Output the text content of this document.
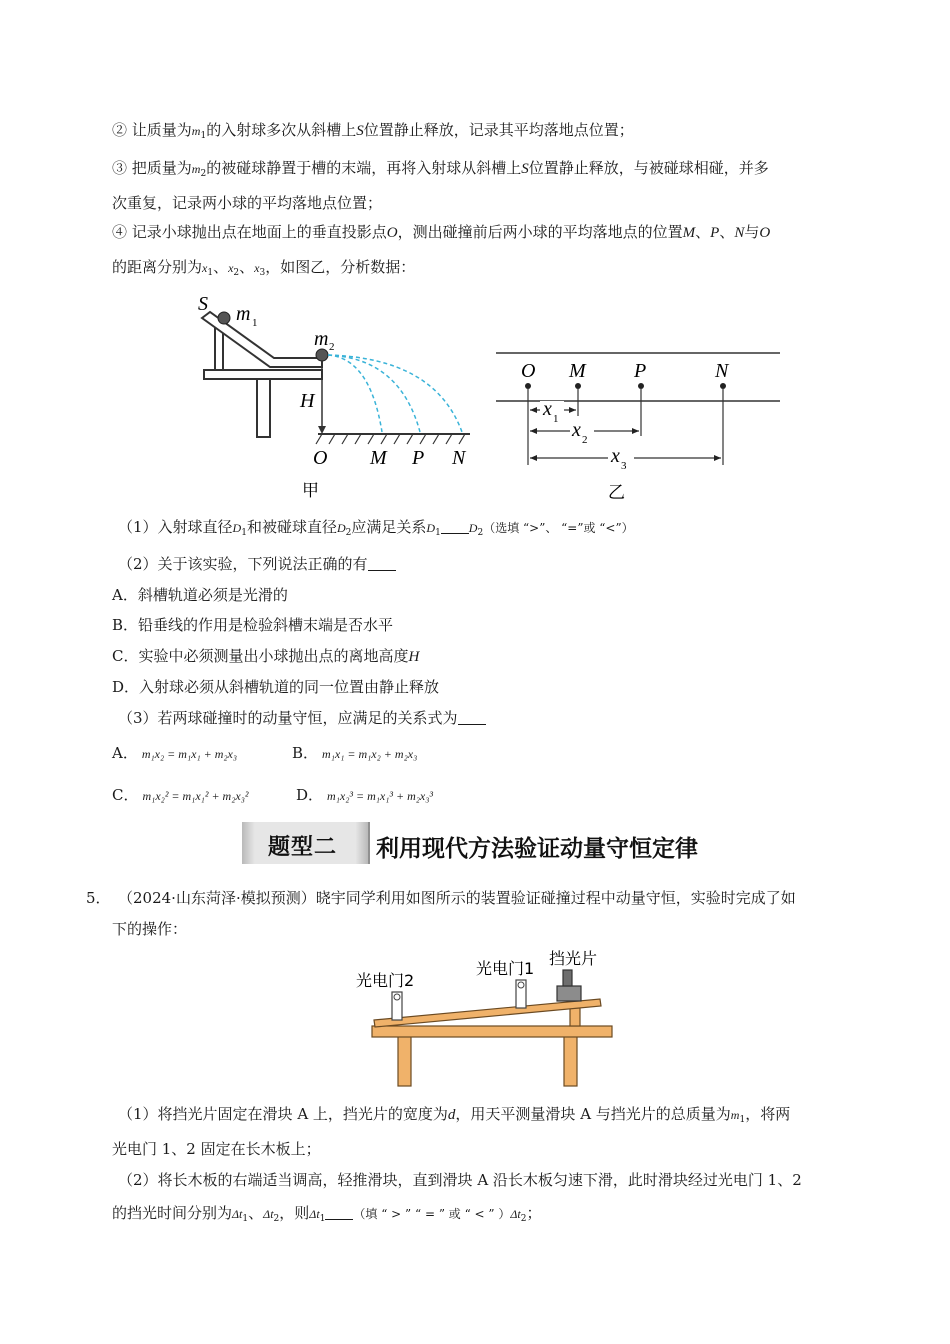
② 让质量为$m_1$的入射球多次从斜槽上S位置静止释放，记录其平均落地点位置；
③ 把质量为$m_2$的被碰球静置于槽的末端，再将入射球从斜槽上S位置静止释放，与被碰球相碰，并多
次重复，记录两小球的平均落地点位置；
④ 记录小球抛出点在地面上的垂直投影点O，测出碰撞前后两小球的平均落地点的位置M、P、N与O
的距离分别为$x_1$、$x_2$、$x_3$，如图乙，分析数据：
S m 1
m 2
H
O M P N
甲
O M P	N
x 1 x 2
x 3
乙
（1）入射球直径$D_1$和被碰球直径$D_2$应满足关系$D_1$ $D_2$（选填 “>”、 “=”或 “<”）
（2）关于该实验，下列说法正确的有
A．斜槽轨道必须是光滑的
B．铅垂线的作用是检验斜槽末端是否水平
C．实验中必须测量出小球抛出点的离地高度H
D．入射球必须从斜槽轨道的同一位置由静止释放
（3）若两球碰撞时的动量守恒，应满足的关系式为
A． m₁x₂ = m₁x₁ + m₂x₃	B． m₁x₁ = m₁x₂ + m₂x₃
C． m₁x₂² = m₁x₁² + m₂x₃²	D． m₁x₂³ = m₁x₁³ + m₂x₃³
题型二 利用现代方法验证动量守恒定律
5． （2024·山东菏泽·模拟预测）晓宇同学利用如图所示的装置验证碰撞过程中动量守恒，实验时完成了如
下的操作：
光电门2
光电门1
挡光片
（1）将挡光片固定在滑块 A 上，挡光片的宽度为d，用天平测量滑块 A 与挡光片的总质量为$m_1$，将两
光电门 1、2 固定在长木板上；
（2）将长木板的右端适当调高，轻推滑块，直到滑块 A 沿长木板匀速下滑，此时滑块经过光电门 1、2
的挡光时间分别为$\Delta t_1$、$\Delta t_2$，则$\Delta t_1$ （填 “ > ” “ = ” 或 “ < ” ）$\Delta t_2$；
